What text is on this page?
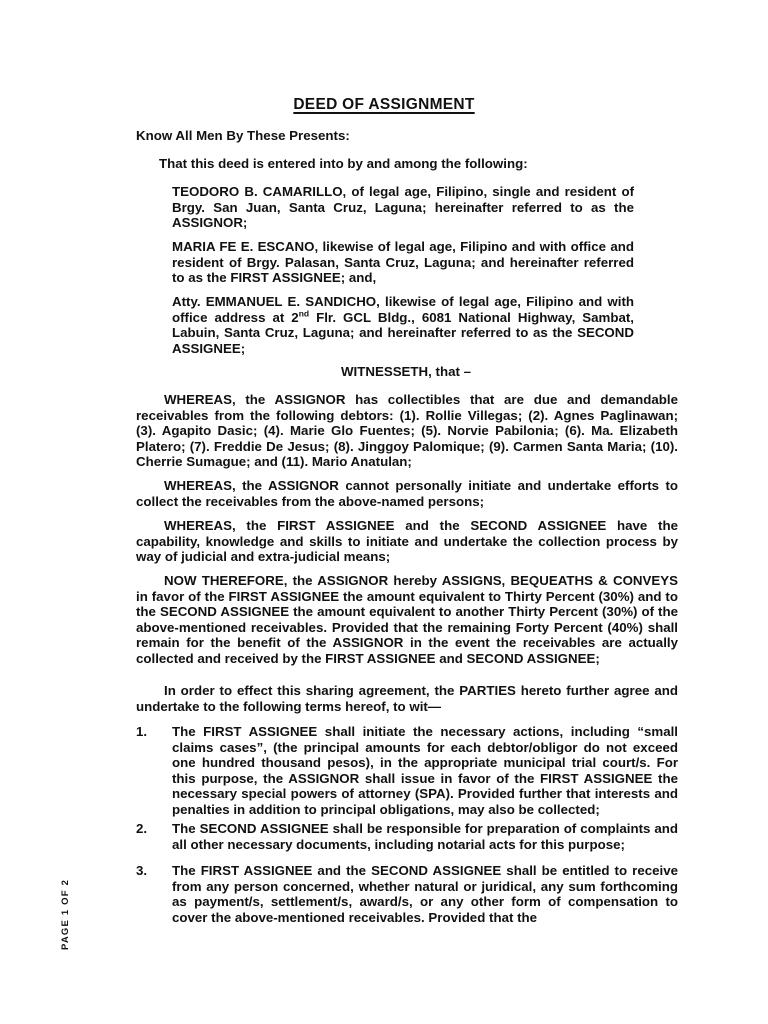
DEED OF ASSIGNMENT

Know All Men By These Presents:

That this deed is entered into by and among the following:

TEODORO B. CAMARILLO, of legal age, Filipino, single and resident of Brgy. San Juan, Santa Cruz, Laguna; hereinafter referred to as the ASSIGNOR;

MARIA FE E. ESCANO, likewise of legal age, Filipino and with office and resident of Brgy. Palasan, Santa Cruz, Laguna; and hereinafter referred to as the FIRST ASSIGNEE; and,

Atty. EMMANUEL E. SANDICHO, likewise of legal age, Filipino and with office address at 2nd Flr. GCL Bldg., 6081 National Highway, Sambat, Labuin, Santa Cruz, Laguna; and hereinafter referred to as the SECOND ASSIGNEE;

WITNESSETH, that –

WHEREAS, the ASSIGNOR has collectibles that are due and demandable receivables from the following debtors: (1). Rollie Villegas; (2). Agnes Paglinawan; (3). Agapito Dasic; (4). Marie Glo Fuentes; (5). Norvie Pabilonia; (6). Ma. Elizabeth Platero; (7). Freddie De Jesus; (8). Jinggoy Palomique; (9). Carmen Santa Maria; (10). Cherrie Sumague; and (11). Mario Anatulan;

WHEREAS, the ASSIGNOR cannot personally initiate and undertake efforts to collect the receivables from the above-named persons;

WHEREAS, the FIRST ASSIGNEE and the SECOND ASSIGNEE have the capability, knowledge and skills to initiate and undertake the collection process by way of judicial and extra-judicial means;

NOW THEREFORE, the ASSIGNOR hereby ASSIGNS, BEQUEATHS & CONVEYS in favor of the FIRST ASSIGNEE the amount equivalent to Thirty Percent (30%) and to the SECOND ASSIGNEE the amount equivalent to another Thirty Percent (30%) of the above-mentioned receivables. Provided that the remaining Forty Percent (40%) shall remain for the benefit of the ASSIGNOR in the event the receivables are actually collected and received by the FIRST ASSIGNEE and SECOND ASSIGNEE;

In order to effect this sharing agreement, the PARTIES hereto further agree and undertake to the following terms hereof, to wit—

1. The FIRST ASSIGNEE shall initiate the necessary actions, including “small claims cases”, (the principal amounts for each debtor/obligor do not exceed one hundred thousand pesos), in the appropriate municipal trial court/s. For this purpose, the ASSIGNOR shall issue in favor of the FIRST ASSIGNEE the necessary special powers of attorney (SPA). Provided further that interests and penalties in addition to principal obligations, may also be collected;
2. The SECOND ASSIGNEE shall be responsible for preparation of complaints and all other necessary documents, including notarial acts for this purpose;
3. The FIRST ASSIGNEE and the SECOND ASSIGNEE shall be entitled to receive from any person concerned, whether natural or juridical, any sum forthcoming as payment/s, settlement/s, award/s, or any other form of compensation to cover the above-mentioned receivables. Provided that the
PAGE 1 OF 2
